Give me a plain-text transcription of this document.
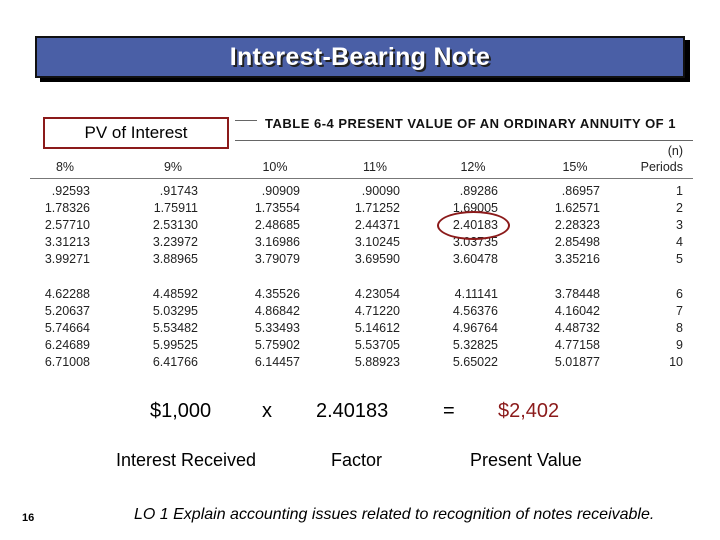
Interest-Bearing Note
PV of Interest	TABLE 6-4 PRESENT VALUE OF AN ORDINARY ANNUITY OF 1
(n)
8%	9%	10%	11%	12%	15%	Periods
.92593	.91743	.90909	.90090	.89286	.86957	1
1.78326	1.75911	1.73554	1.71252	1.69005	1.62571	2
2.57710	2.53130	2.48685	2.44371	2.40183	2.28323	3
3.31213	3.23972	3.16986	3.10245	3.03735	2.85498	4
3.99271	3.88965	3.79079	3.69590	3.60478	3.35216	5
4.62288	4.48592	4.35526	4.23054	4.11141	3.78448	6
5.20637	5.03295	4.86842	4.71220	4.56376	4.16042	7
5.74664	5.53482	5.33493	5.14612	4.96764	4.48732	8
6.24689	5.99525	5.75902	5.53705	5.32825	4.77158	9
6.71008	6.41766	6.14457	5.88923	5.65022	5.01877	10
$1,000	x 2.40183	= $2,402
Interest Received	Factor	Present Value
16	LO 1 Explain accounting issues related to recognition of notes receivable.
